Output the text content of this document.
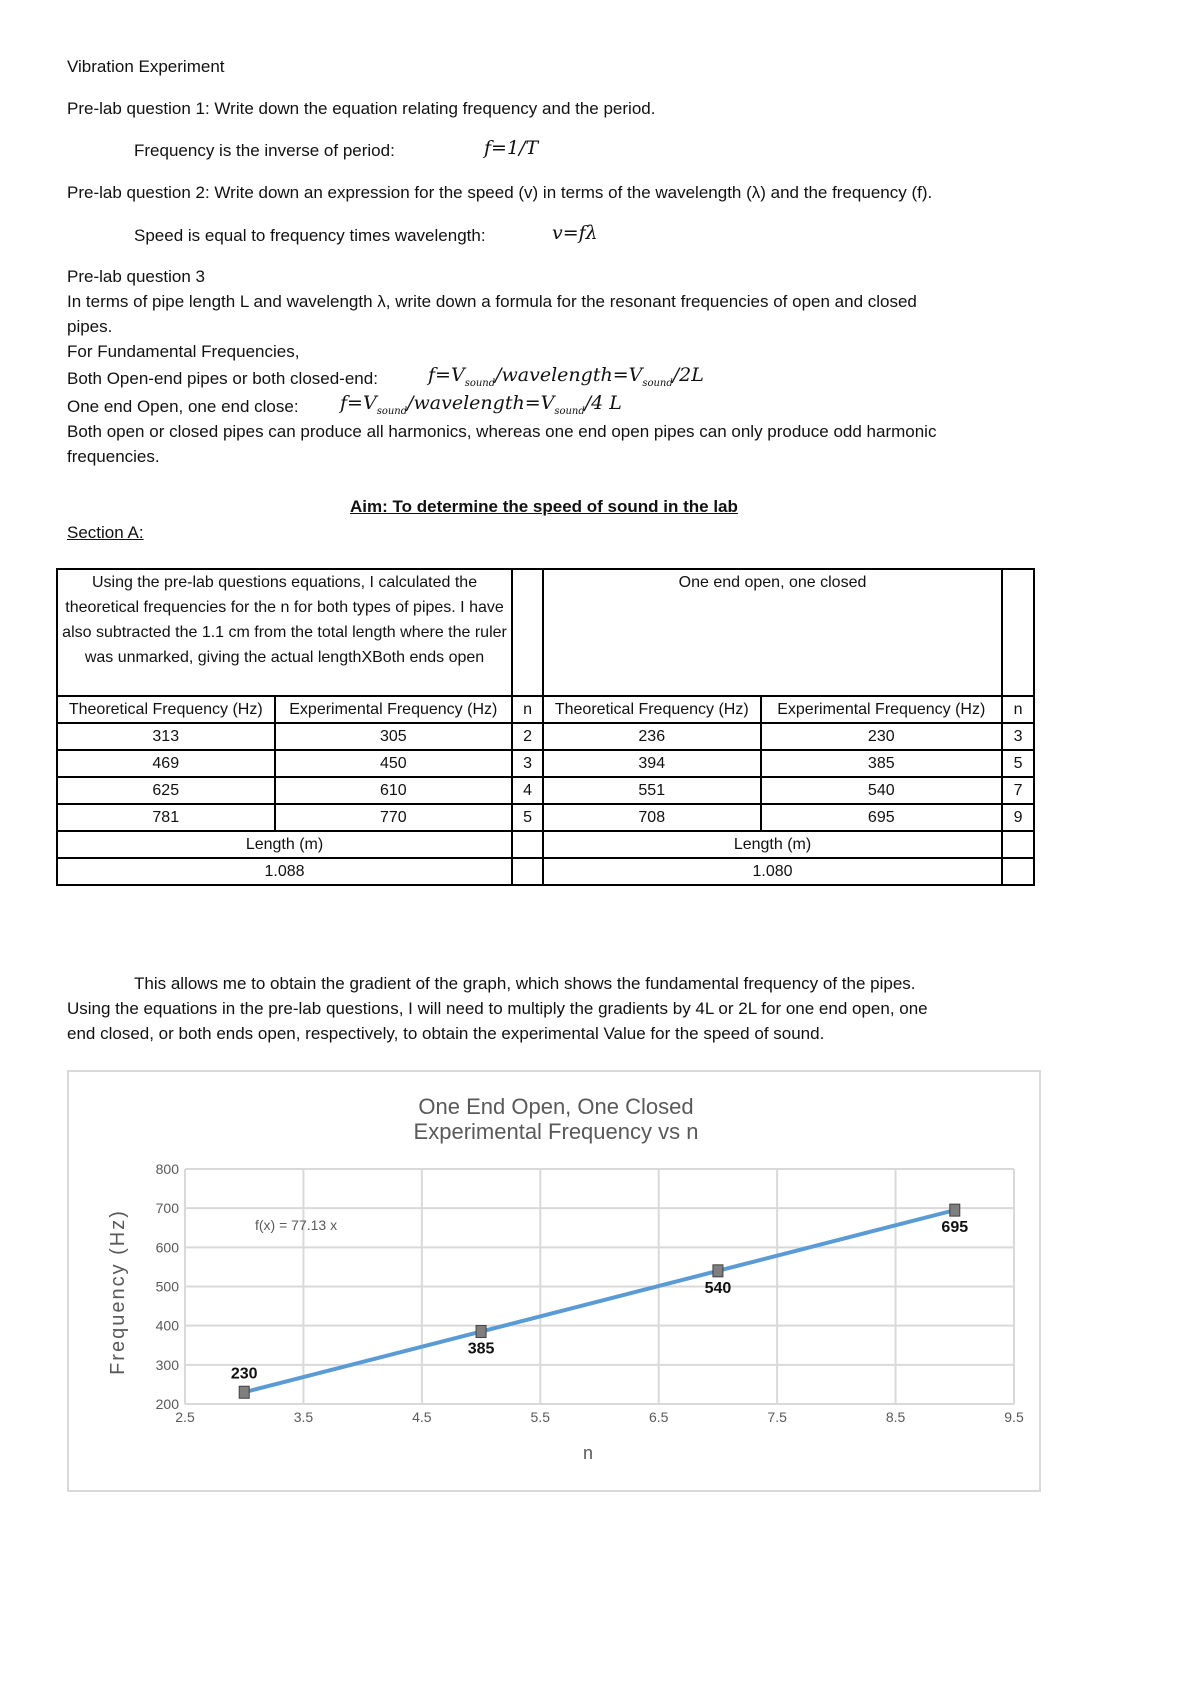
Vibration Experiment
Pre-lab question 1: Write down the equation relating frequency and the period.
Frequency is the inverse of period:	f=1/T
Pre-lab question 2: Write down an expression for the speed (v) in terms of the wavelength (λ) and the frequency (f).
Speed is equal to frequency times wavelength:	v=fλ
Pre-lab question 3
In terms of pipe length L and wavelength λ, write down a formula for the resonant frequencies of open and closed
pipes.
For Fundamental Frequencies,
Both Open-end pipes or both closed-end:	$f=V_{sound}/wavelength=V_{sound}/2L$
One end Open, one end close: $f=V_{sound}/wavelength=V_{sound}/4$ L
Both open or closed pipes can produce all harmonics, whereas one end open pipes can only produce odd harmonic
frequencies.
Aim: To determine the speed of sound in the lab
Section A:
Using the pre-lab questions equations, I calculated the theoretical frequencies for the n for both types of pipes. I have also subtracted the 1.1 cm from the total length where the ruler was unmarked, giving the actual lengthXBoth ends open			One end open, one closed		
Theoretical Frequency (Hz)	Experimental Frequency (Hz)	n	Theoretical Frequency (Hz)	Experimental Frequency (Hz)	n
313	305	2	236	230	3
469	450	3	394	385	5
625	610	4	551	540	7
781	770	5	708	695	9
Length (m)			Length (m)		
1.088			1.080		
This allows me to obtain the gradient of the graph, which shows the fundamental frequency of the pipes.
Using the equations in the pre-lab questions, I will need to multiply the gradients by 4L or 2L for one end open, one
end closed, or both ends open, respectively, to obtain the experimental Value for the speed of sound.
2.5	3.5	4.5	5.5	6.5	7.5	8.5	9.5
200
300
400
500
600
700
800
One End Open, One Closed
Experimental Frequency vs n
n
Frequency (Hz)	f(x) = 77.13 x
230
385
540
695
